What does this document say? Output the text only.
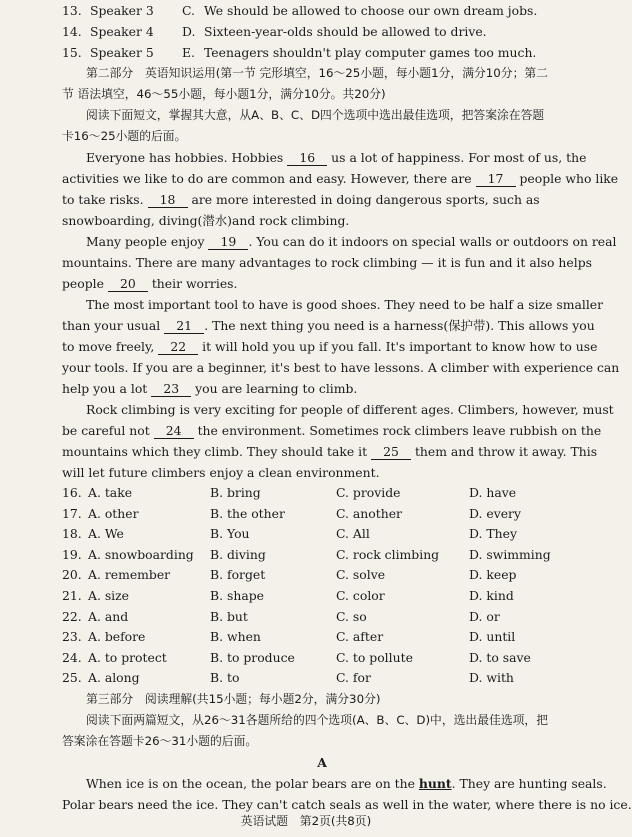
13. Speaker 3 C. We should be allowed to choose our own dream jobs.
14. Speaker 4 D. Sixteen-year-olds should be allowed to drive.
15. Speaker 5 E. Teenagers shouldn't play computer games too much.
第二部分　英语知识运用(第一节 完形填空，16～25小题，每小题1分，满分10分；第二
节 语法填空，46～55小题，每小题1分，满分10分。共20分)
阅读下面短文，掌握其大意，从A、B、C、D四个选项中选出最佳选项，把答案涂在答题
卡16～25小题的后面。
Everyone has hobbies. Hobbies 16 us a lot of happiness. For most of us, the
activities we like to do are common and easy. However, there are 17 people who like
to take risks. 18 are more interested in doing dangerous sports, such as
snowboarding, diving(潜水)and rock climbing.
Many people enjoy 19 . You can do it indoors on special walls or outdoors on real
mountains. There are many advantages to rock climbing — it is fun and it also helps
people 20 their worries.
The most important tool to have is good shoes. They need to be half a size smaller
than your usual 21 . The next thing you need is a harness(保护带). This allows you
to move freely, 22 it will hold you up if you fall. It's important to know how to use
your tools. If you are a beginner, it's best to have lessons. A climber with experience can
help you a lot 23 you are learning to climb.
Rock climbing is very exciting for people of different ages. Climbers, however, must
be careful not 24 the environment. Sometimes rock climbers leave rubbish on the
mountains which they climb. They should take it 25 them and throw it away. This
will let future climbers enjoy a clean environment.
16. A. take	B. bring	C. provide	D. have
17. A. other	B. the other	C. another	D. every
18. A. We	B. You	C. All	D. They
19. A. snowboarding	B. diving	C. rock climbing	D. swimming
20. A. remember	B. forget	C. solve	D. keep
21. A. size	B. shape	C. color	D. kind
22. A. and	B. but	C. so	D. or
23. A. before	B. when	C. after	D. until
24. A. to protect	B. to produce	C. to pollute	D. to save
25. A. along	B. to	C. for	D. with
第三部分　阅读理解(共15小题；每小题2分，满分30分)
阅读下面两篇短文，从26～31各题所给的四个选项(A、B、C、D)中，选出最佳选项，把
答案涂在答题卡26～31小题的后面。
A
When ice is on the ocean, the polar bears are on the hunt. They are hunting seals.
Polar bears need the ice. They can't catch seals as well in the water, where there is no ice.
英语试题　第2页(共8页)
